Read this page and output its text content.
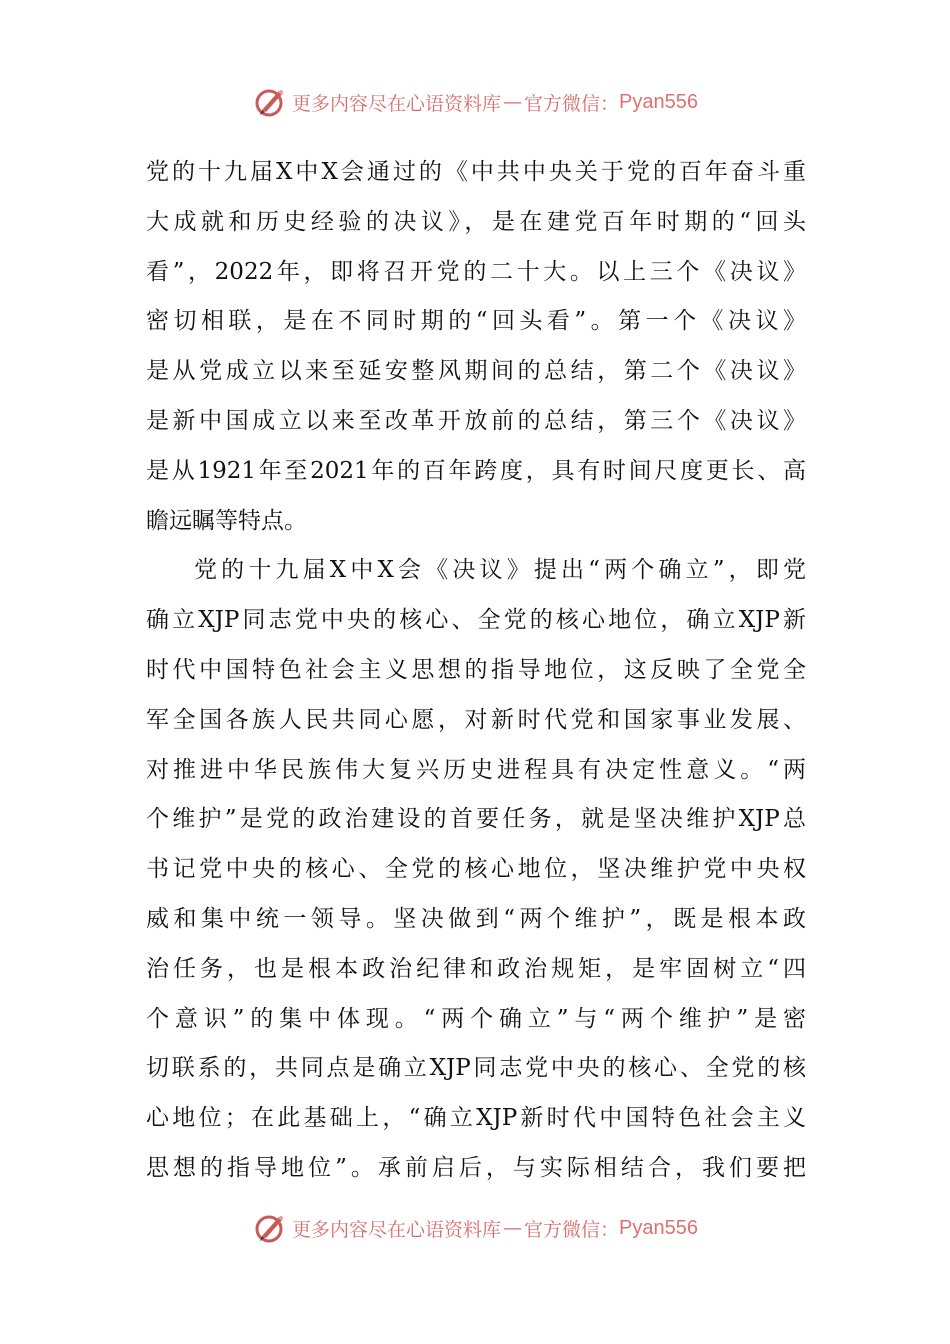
更多内容尽在心语资料库 — 官方微信： Pyan556
党的十九届X中X会通过的《中共中央关于党的百年奋斗重
大成就和历史经验的决议》，是在建党百年时期的“回头
看”，2022年，即将召开党的二十大。以上三个《决议》
密切相联，是在不同时期的“回头看”。第一个《决议》
是从党成立以来至延安整风期间的总结，第二个《决议》
是新中国成立以来至改革开放前的总结，第三个《决议》
是从1921年至2021年的百年跨度，具有时间尺度更长、高
瞻远瞩等特点。
党的十九届X中X会《决议》提出“两个确立”，即党
确立XJP同志党中央的核心、全党的核心地位，确立XJP新
时代中国特色社会主义思想的指导地位，这反映了全党全
军全国各族人民共同心愿，对新时代党和国家事业发展、
对推进中华民族伟大复兴历史进程具有决定性意义。“两
个维护”是党的政治建设的首要任务，就是坚决维护XJP总
书记党中央的核心、全党的核心地位，坚决维护党中央权
威和集中统一领导。坚决做到“两个维护”，既是根本政
治任务，也是根本政治纪律和政治规矩，是牢固树立“四
个意识”的集中体现。“两个确立”与“两个维护”是密
切联系的，共同点是确立XJP同志党中央的核心、全党的核
心地位；在此基础上，“确立XJP新时代中国特色社会主义
思想的指导地位”。承前启后，与实际相结合，我们要把
更多内容尽在心语资料库 — 官方微信： Pyan556
